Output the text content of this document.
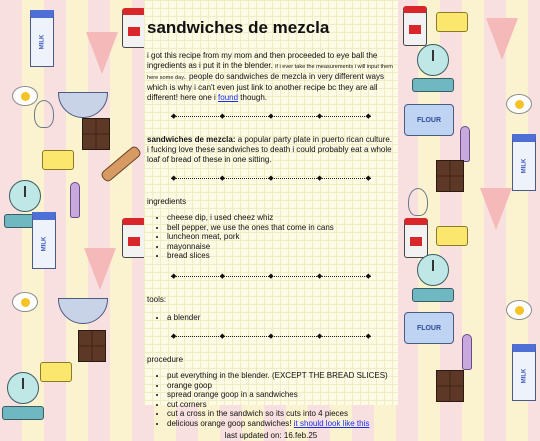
MILK
MILK
FLOUR
MILK
FLOUR
MILK
sandwiches de mezcla

i got this recipe from my mom and then proceeded to eye ball the ingredients as i put it in the blender. if i ever take the measurements i will input them here some day.. people do sandwiches de mezcla in very different ways which is why i can't even just link to another recipe bc they are all different! here one i found though.

◆	◆	◆	◆	◆

sandwiches de mezcla: a popular party plate in puerto rican culture. i fucking love these sandwiches to death i could probably eat a whole loaf of bread of these in one sitting.

◆	◆	◆	◆	◆

ingredients

• cheese dip, i used cheez whiz
• bell pepper, we use the ones that come in cans
• luncheon meat, pork
• mayonnaise
• bread slices
◆	◆	◆	◆	◆

tools:

• a blender
◆	◆	◆	◆	◆

procedure

• put everything in the blender. (EXCEPT THE BREAD SLICES)
• orange goop
• spread orange goop in a sandwiches
• cut corners
• cut a cross in the sandwich so its cuts into 4 pieces
• delicious orange goop sandwiches! it should look like this
last updated on: 16.feb.25
